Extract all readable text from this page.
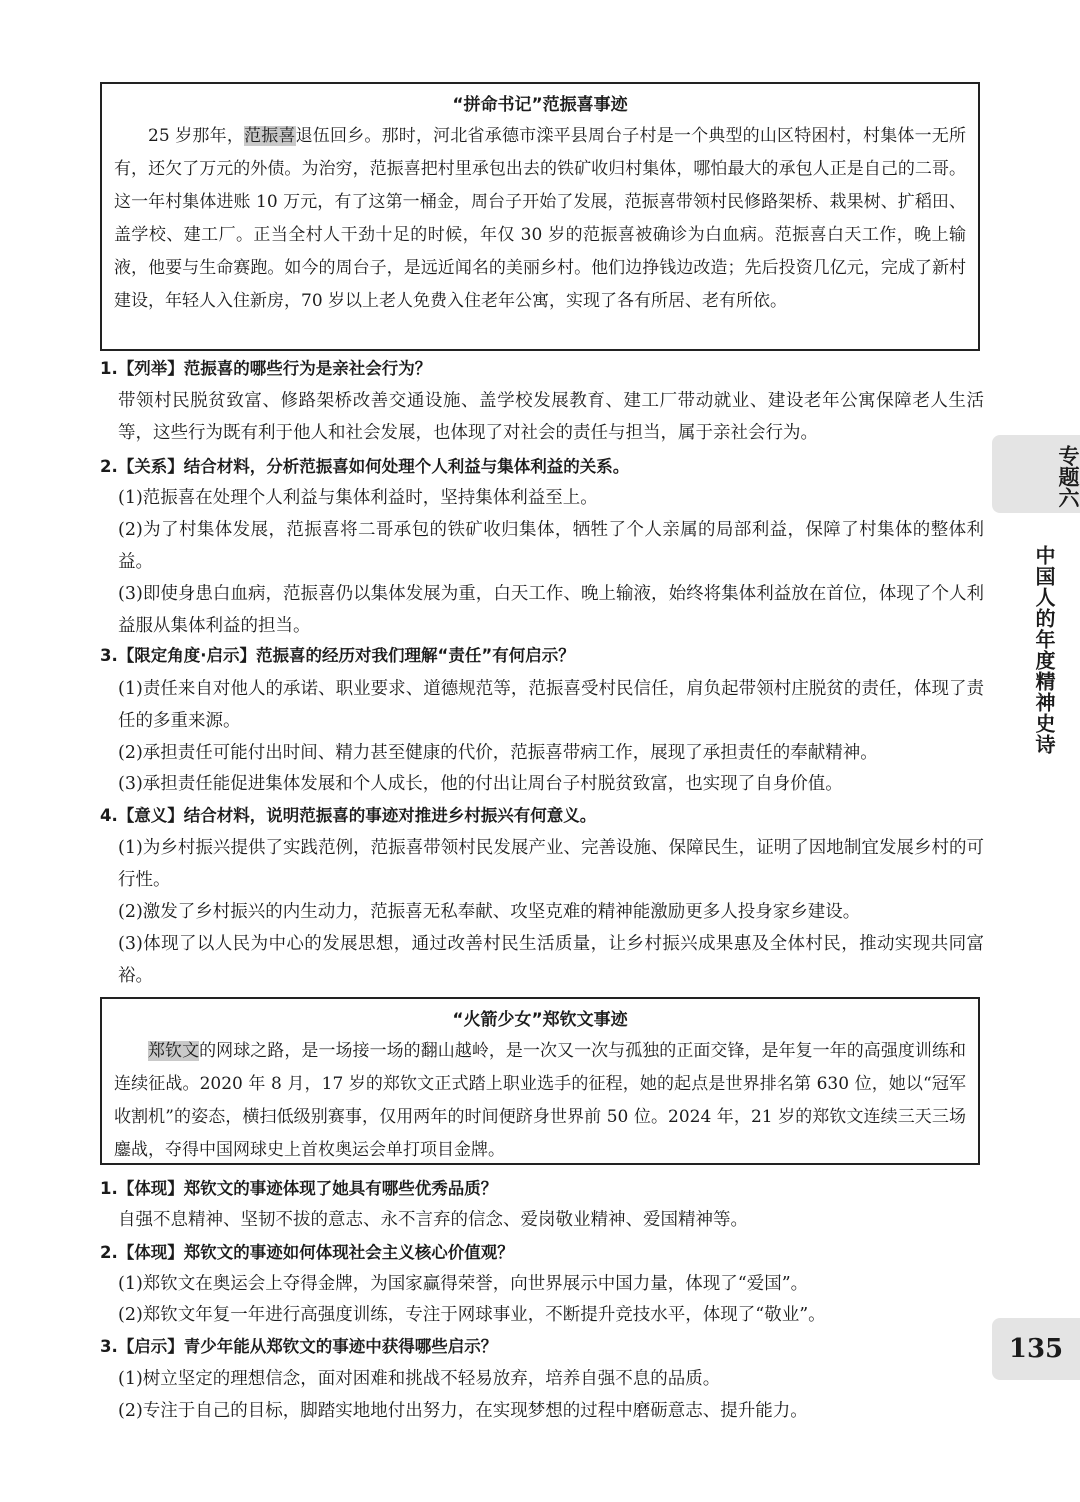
“拼命书记”范振喜事迹

25 岁那年，范振喜退伍回乡。那时，河北省承德市滦平县周台子村是一个典型的山区特困村，村集体一无所有，还欠了万元的外债。为治穷，范振喜把村里承包出去的铁矿收归村集体，哪怕最大的承包人正是自己的二哥。这一年村集体进账 10 万元，有了这第一桶金，周台子开始了发展，范振喜带领村民修路架桥、栽果树、扩稻田、盖学校、建工厂。正当全村人干劲十足的时候，年仅 30 岁的范振喜被确诊为白血病。范振喜白天工作，晚上输液，他要与生命赛跑。如今的周台子，是远近闻名的美丽乡村。他们边挣钱边改造；先后投资几亿元，完成了新村建设，年轻人入住新房，70 岁以上老人免费入住老年公寓，实现了各有所居、老有所依。

1.【列举】范振喜的哪些行为是亲社会行为？

带领村民脱贫致富、修路架桥改善交通设施、盖学校发展教育、建工厂带动就业、建设老年公寓保障老人生活等，这些行为既有利于他人和社会发展，也体现了对社会的责任与担当，属于亲社会行为。

2.【关系】结合材料，分析范振喜如何处理个人利益与集体利益的关系。

(1)范振喜在处理个人利益与集体利益时，坚持集体利益至上。

(2)为了村集体发展，范振喜将二哥承包的铁矿收归集体，牺牲了个人亲属的局部利益，保障了村集体的整体利益。

(3)即使身患白血病，范振喜仍以集体发展为重，白天工作、晚上输液，始终将集体利益放在首位，体现了个人利益服从集体利益的担当。

3.【限定角度·启示】范振喜的经历对我们理解“责任”有何启示？

(1)责任来自对他人的承诺、职业要求、道德规范等，范振喜受村民信任，肩负起带领村庄脱贫的责任，体现了责任的多重来源。

(2)承担责任可能付出时间、精力甚至健康的代价，范振喜带病工作，展现了承担责任的奉献精神。

(3)承担责任能促进集体发展和个人成长，他的付出让周台子村脱贫致富，也实现了自身价值。

4.【意义】结合材料，说明范振喜的事迹对推进乡村振兴有何意义。

(1)为乡村振兴提供了实践范例，范振喜带领村民发展产业、完善设施、保障民生，证明了因地制宜发展乡村的可行性。

(2)激发了乡村振兴的内生动力，范振喜无私奉献、攻坚克难的精神能激励更多人投身家乡建设。

(3)体现了以人民为中心的发展思想，通过改善村民生活质量，让乡村振兴成果惠及全体村民，推动实现共同富裕。

“火箭少女”郑钦文事迹

郑钦文的网球之路，是一场接一场的翻山越岭，是一次又一次与孤独的正面交锋，是年复一年的高强度训练和连续征战。2020 年 8 月，17 岁的郑钦文正式踏上职业选手的征程，她的起点是世界排名第 630 位，她以“冠军收割机”的姿态，横扫低级别赛事，仅用两年的时间便跻身世界前 50 位。2024 年，21 岁的郑钦文连续三天三场鏖战，夺得中国网球史上首枚奥运会单打项目金牌。

1.【体现】郑钦文的事迹体现了她具有哪些优秀品质？

自强不息精神、坚韧不拔的意志、永不言弃的信念、爱岗敬业精神、爱国精神等。

2.【体现】郑钦文的事迹如何体现社会主义核心价值观？

(1)郑钦文在奥运会上夺得金牌，为国家赢得荣誉，向世界展示中国力量，体现了“爱国”。

(2)郑钦文年复一年进行高强度训练，专注于网球事业，不断提升竞技水平，体现了“敬业”。

3.【启示】青少年能从郑钦文的事迹中获得哪些启示？

(1)树立坚定的理想信念，面对困难和挑战不轻易放弃，培养自强不息的品质。

(2)专注于自己的目标，脚踏实地地付出努力，在实现梦想的过程中磨砺意志、提升能力。

专题六
中国人的年度精神史诗
135
